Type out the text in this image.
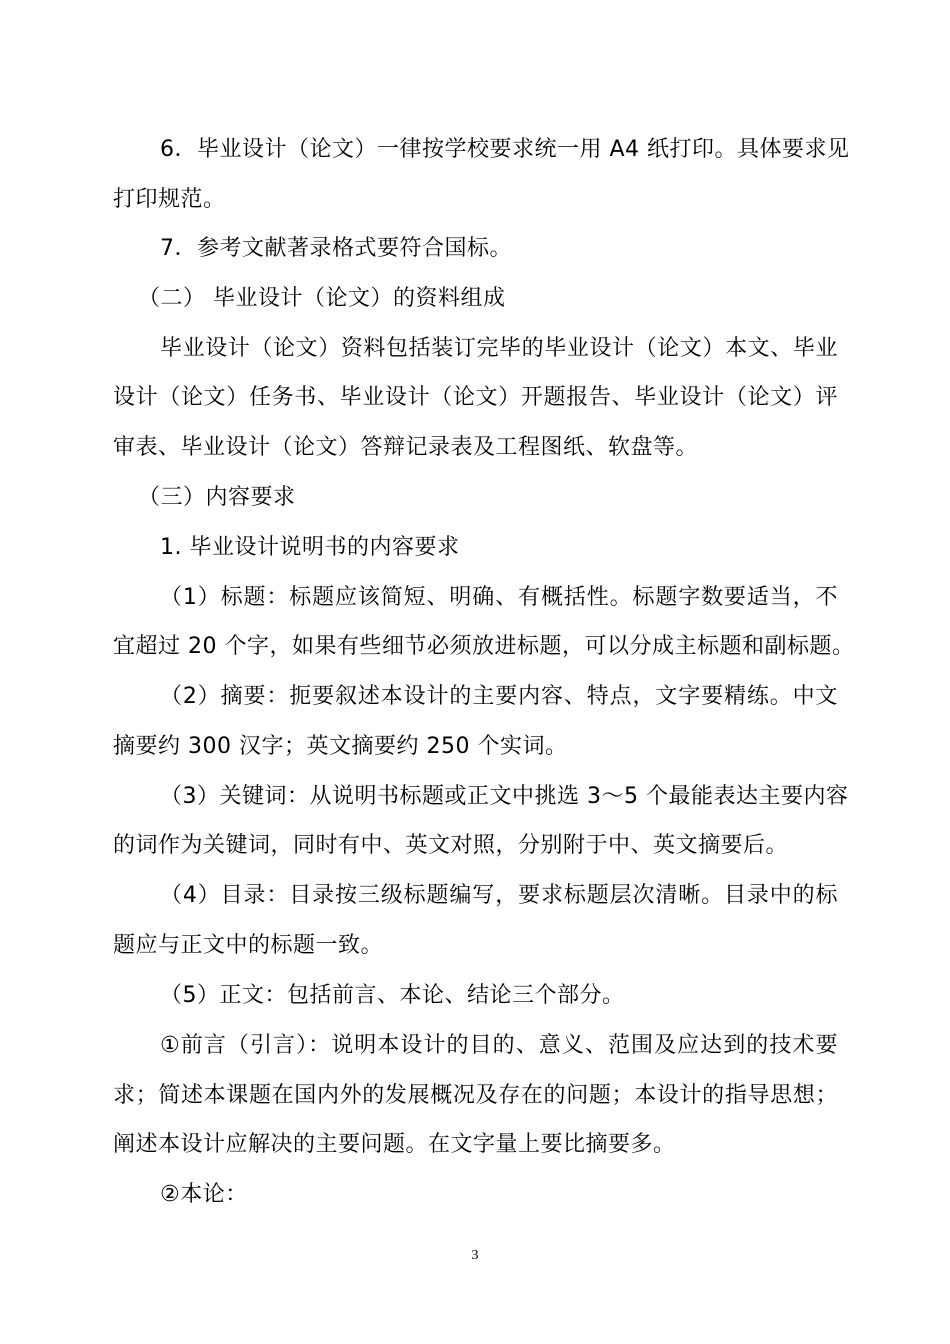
6．毕业设计（论文）一律按学校要求统一用 A4 纸打印。具体要求见
打印规范。
7．参考文献著录格式要符合国标。
（二） 毕业设计（论文）的资料组成
毕业设计（论文）资料包括装订完毕的毕业设计（论文）本文、毕业
设计（论文）任务书、毕业设计（论文）开题报告、毕业设计（论文）评
审表、毕业设计（论文）答辩记录表及工程图纸、软盘等。
（三）内容要求
1. 毕业设计说明书的内容要求
（1）标题：标题应该简短、明确、有概括性。标题字数要适当，不
宜超过 20 个字，如果有些细节必须放进标题，可以分成主标题和副标题。
（2）摘要：扼要叙述本设计的主要内容、特点，文字要精练。中文
摘要约 300 汉字；英文摘要约 250 个实词。
（3）关键词：从说明书标题或正文中挑选 3～5 个最能表达主要内容
的词作为关键词，同时有中、英文对照，分别附于中、英文摘要后。
（4）目录：目录按三级标题编写，要求标题层次清晰。目录中的标
题应与正文中的标题一致。
（5）正文：包括前言、本论、结论三个部分。
①前言（引言）：说明本设计的目的、意义、范围及应达到的技术要
求；简述本课题在国内外的发展概况及存在的问题；本设计的指导思想；
阐述本设计应解决的主要问题。在文字量上要比摘要多。
②本论：
3
